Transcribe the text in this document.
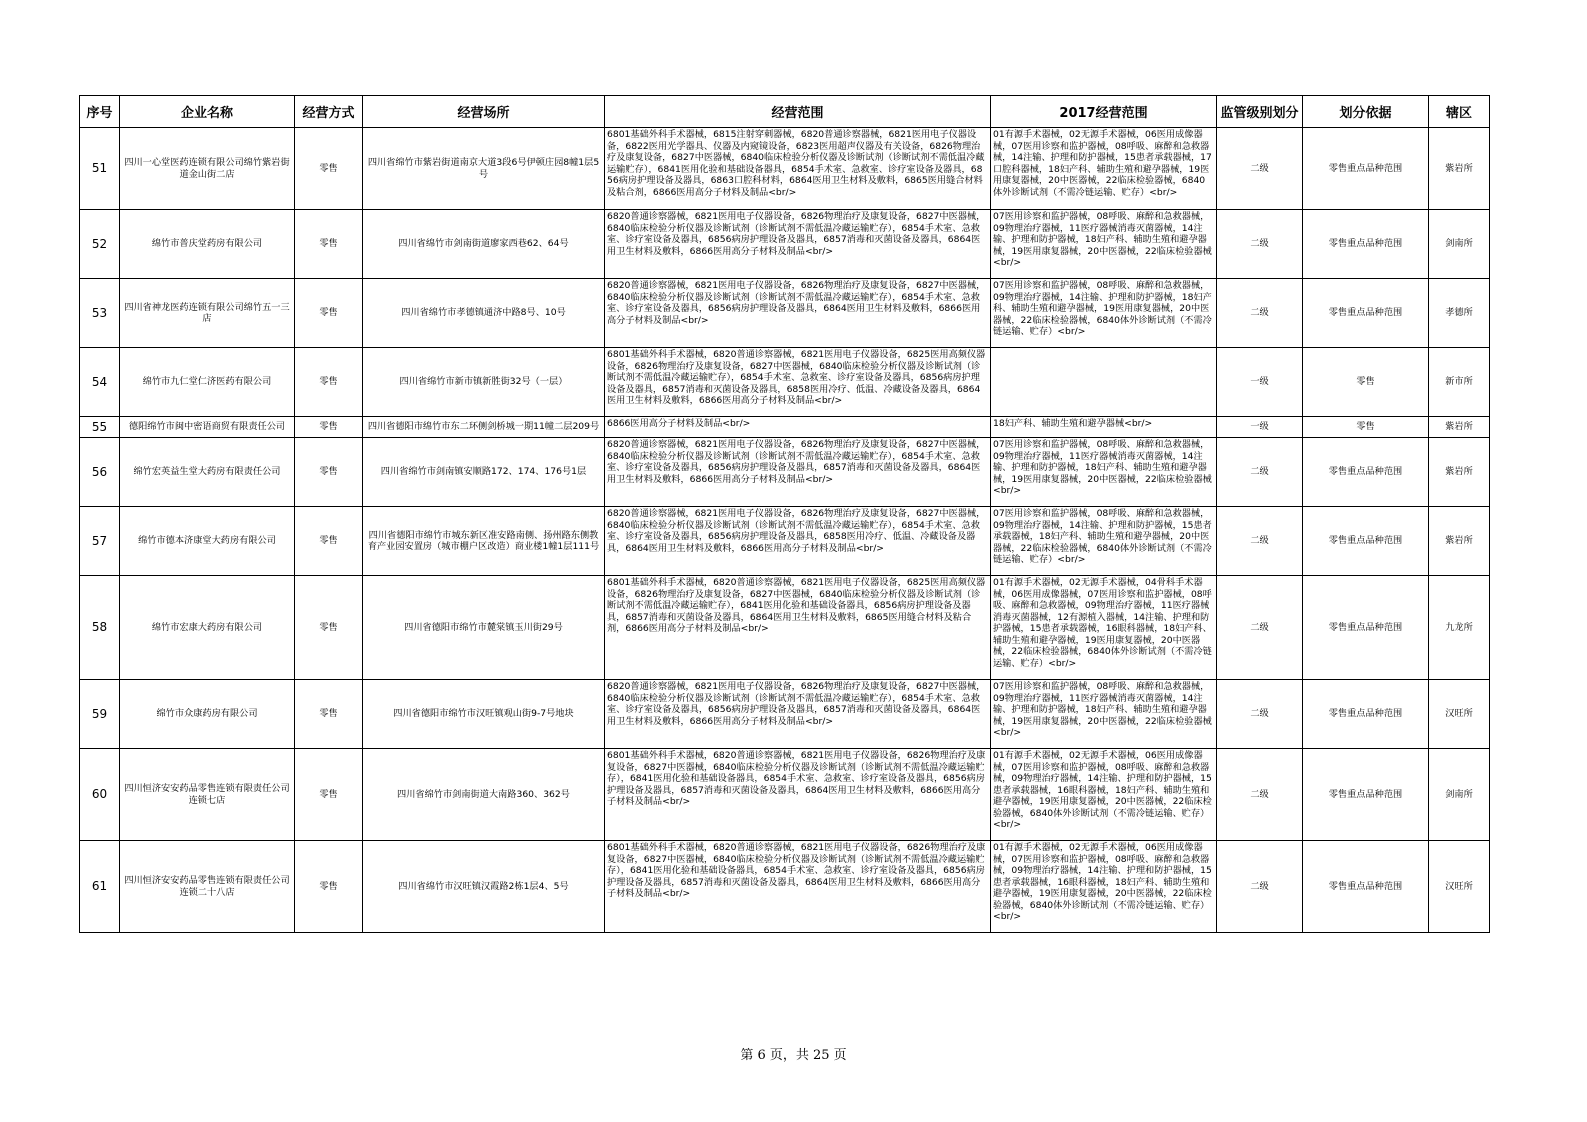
序号	企业名称	经营方式	经营场所	经营范围	2017经营范围	监管级别划分	划分依据	辖区
51	四川一心堂医药连锁有限公司绵竹紫岩街道金山街二店	零售	四川省绵竹市紫岩街道南京大道3段6号伊顿庄园8幢1层5号	6801基础外科手术器械，6815注射穿刺器械，6820普通诊察器械，6821医用电子仪器设备，6822医用光学器具、仪器及内窥镜设备，6823医用超声仪器及有关设备，6826物理治疗及康复设备，6827中医器械，6840临床检验分析仪器及诊断试剂（诊断试剂不需低温冷藏运输贮存），6841医用化验和基础设备器具，6854手术室、急救室、诊疗室设备及器具，6856病房护理设备及器具，6863口腔科材料，6864医用卫生材料及敷料，6865医用缝合材料及粘合剂，6866医用高分子材料及制品<br/>	01有源手术器械，02无源手术器械，06医用成像器械，07医用诊察和监护器械，08呼吸、麻醉和急救器械，14注输、护理和防护器械，15患者承载器械，17口腔科器械，18妇产科、辅助生殖和避孕器械，19医用康复器械，20中医器械，22临床检验器械，6840体外诊断试剂（不需冷链运输、贮存）<br/>	二级	零售重点品种范围	紫岩所
52	绵竹市普庆堂药房有限公司	零售	四川省绵竹市剑南街道廖家西巷62、64号	6820普通诊察器械，6821医用电子仪器设备，6826物理治疗及康复设备，6827中医器械，6840临床检验分析仪器及诊断试剂（诊断试剂不需低温冷藏运输贮存），6854手术室、急救室、诊疗室设备及器具，6856病房护理设备及器具，6857消毒和灭菌设备及器具，6864医用卫生材料及敷料，6866医用高分子材料及制品<br/>	07医用诊察和监护器械，08呼吸、麻醉和急救器械，09物理治疗器械，11医疗器械消毒灭菌器械，14注输、护理和防护器械，18妇产科、辅助生殖和避孕器械，19医用康复器械，20中医器械，22临床检验器械<br/>	二级	零售重点品种范围	剑南所
53	四川省神龙医药连锁有限公司绵竹五一三店	零售	四川省绵竹市孝德镇通济中路8号、10号	6820普通诊察器械，6821医用电子仪器设备，6826物理治疗及康复设备，6827中医器械，6840临床检验分析仪器及诊断试剂（诊断试剂不需低温冷藏运输贮存），6854手术室、急救室、诊疗室设备及器具，6856病房护理设备及器具，6864医用卫生材料及敷料，6866医用高分子材料及制品<br/>	07医用诊察和监护器械，08呼吸、麻醉和急救器械，09物理治疗器械，14注输、护理和防护器械，18妇产科、辅助生殖和避孕器械，19医用康复器械，20中医器械，22临床检验器械，6840体外诊断试剂（不需冷链运输、贮存）<br/>	二级	零售重点品种范围	孝德所
54	绵竹市九仁堂仁济医药有限公司	零售	四川省绵竹市新市镇新胜街32号（一层）	6801基础外科手术器械，6820普通诊察器械，6821医用电子仪器设备，6825医用高频仪器设备，6826物理治疗及康复设备，6827中医器械，6840临床检验分析仪器及诊断试剂（诊断试剂不需低温冷藏运输贮存），6854手术室、急救室、诊疗室设备及器具，6856病房护理设备及器具，6857消毒和灭菌设备及器具，6858医用冷疗、低温、冷藏设备及器具，6864医用卫生材料及敷料，6866医用高分子材料及制品<br/>		一级	零售	新市所
55	德阳绵竹市闽中密语商贸有限责任公司	零售	四川省德阳市绵竹市东二环侧剑桥城一期11幢二层209号	6866医用高分子材料及制品<br/>	18妇产科、辅助生殖和避孕器械<br/>	一级	零售	紫岩所
56	绵竹宏英益生堂大药房有限责任公司	零售	四川省绵竹市剑南镇安顺路172、174、176号1层	6820普通诊察器械，6821医用电子仪器设备，6826物理治疗及康复设备，6827中医器械，6840临床检验分析仪器及诊断试剂（诊断试剂不需低温冷藏运输贮存），6854手术室、急救室、诊疗室设备及器具，6856病房护理设备及器具，6857消毒和灭菌设备及器具，6864医用卫生材料及敷料，6866医用高分子材料及制品<br/>	07医用诊察和监护器械，08呼吸、麻醉和急救器械，09物理治疗器械，11医疗器械消毒灭菌器械，14注输、护理和防护器械，18妇产科、辅助生殖和避孕器械，19医用康复器械，20中医器械，22临床检验器械<br/>	二级	零售重点品种范围	紫岩所
57	绵竹市德本济康堂大药房有限公司	零售	四川省德阳市绵竹市城东新区准安路南侧、扬州路东侧教育产业园安置房（城市棚户区改造）商业楼1幢1层111号	6820普通诊察器械，6821医用电子仪器设备，6826物理治疗及康复设备，6827中医器械，6840临床检验分析仪器及诊断试剂（诊断试剂不需低温冷藏运输贮存），6854手术室、急救室、诊疗室设备及器具，6856病房护理设备及器具，6858医用冷疗、低温、冷藏设备及器具，6864医用卫生材料及敷料，6866医用高分子材料及制品<br/>	07医用诊察和监护器械，08呼吸、麻醉和急救器械，09物理治疗器械，14注输、护理和防护器械，15患者承载器械，18妇产科、辅助生殖和避孕器械，20中医器械，22临床检验器械，6840体外诊断试剂（不需冷链运输、贮存）<br/>	二级	零售重点品种范围	紫岩所
58	绵竹市宏康大药房有限公司	零售	四川省德阳市绵竹市麓棠镇玉川街29号	6801基础外科手术器械，6820普通诊察器械，6821医用电子仪器设备，6825医用高频仪器设备，6826物理治疗及康复设备，6827中医器械，6840临床检验分析仪器及诊断试剂（诊断试剂不需低温冷藏运输贮存），6841医用化验和基础设备器具，6856病房护理设备及器具，6857消毒和灭菌设备及器具，6864医用卫生材料及敷料，6865医用缝合材料及粘合剂，6866医用高分子材料及制品<br/>	01有源手术器械，02无源手术器械，04骨科手术器械，06医用成像器械，07医用诊察和监护器械，08呼吸、麻醉和急救器械，09物理治疗器械，11医疗器械消毒灭菌器械，12有源植入器械，14注输、护理和防护器械，15患者承载器械，16眼科器械，18妇产科、辅助生殖和避孕器械，19医用康复器械，20中医器械，22临床检验器械，6840体外诊断试剂（不需冷链运输、贮存）<br/>	二级	零售重点品种范围	九龙所
59	绵竹市众康药房有限公司	零售	四川省德阳市绵竹市汉旺镇观山街9-7号地块	6820普通诊察器械，6821医用电子仪器设备，6826物理治疗及康复设备，6827中医器械，6840临床检验分析仪器及诊断试剂（诊断试剂不需低温冷藏运输贮存），6854手术室、急救室、诊疗室设备及器具，6856病房护理设备及器具，6857消毒和灭菌设备及器具，6864医用卫生材料及敷料，6866医用高分子材料及制品<br/>	07医用诊察和监护器械，08呼吸、麻醉和急救器械，09物理治疗器械，11医疗器械消毒灭菌器械，14注输、护理和防护器械，18妇产科、辅助生殖和避孕器械，19医用康复器械，20中医器械，22临床检验器械<br/>	二级	零售重点品种范围	汉旺所
60	四川恒济安安药品零售连锁有限责任公司连锁七店	零售	四川省绵竹市剑南街道大南路360、362号	6801基础外科手术器械，6820普通诊察器械，6821医用电子仪器设备，6826物理治疗及康复设备，6827中医器械，6840临床检验分析仪器及诊断试剂（诊断试剂不需低温冷藏运输贮存），6841医用化验和基础设备器具，6854手术室、急救室、诊疗室设备及器具，6856病房护理设备及器具，6857消毒和灭菌设备及器具，6864医用卫生材料及敷料，6866医用高分子材料及制品<br/>	01有源手术器械，02无源手术器械，06医用成像器械，07医用诊察和监护器械，08呼吸、麻醉和急救器械，09物理治疗器械，14注输、护理和防护器械，15患者承载器械，16眼科器械，18妇产科、辅助生殖和避孕器械，19医用康复器械，20中医器械，22临床检验器械，6840体外诊断试剂（不需冷链运输、贮存）<br/>	二级	零售重点品种范围	剑南所
61	四川恒济安安药品零售连锁有限责任公司连锁二十八店	零售	四川省绵竹市汉旺镇汉霞路2栋1层4、5号	6801基础外科手术器械，6820普通诊察器械，6821医用电子仪器设备，6826物理治疗及康复设备，6827中医器械，6840临床检验分析仪器及诊断试剂（诊断试剂不需低温冷藏运输贮存），6841医用化验和基础设备器具，6854手术室、急救室、诊疗室设备及器具，6856病房护理设备及器具，6857消毒和灭菌设备及器具，6864医用卫生材料及敷料，6866医用高分子材料及制品<br/>	01有源手术器械，02无源手术器械，06医用成像器械，07医用诊察和监护器械，08呼吸、麻醉和急救器械，09物理治疗器械，14注输、护理和防护器械，15患者承载器械，16眼科器械，18妇产科、辅助生殖和避孕器械，19医用康复器械，20中医器械，22临床检验器械，6840体外诊断试剂（不需冷链运输、贮存）<br/>	二级	零售重点品种范围	汉旺所
第 6 页，共 25 页
